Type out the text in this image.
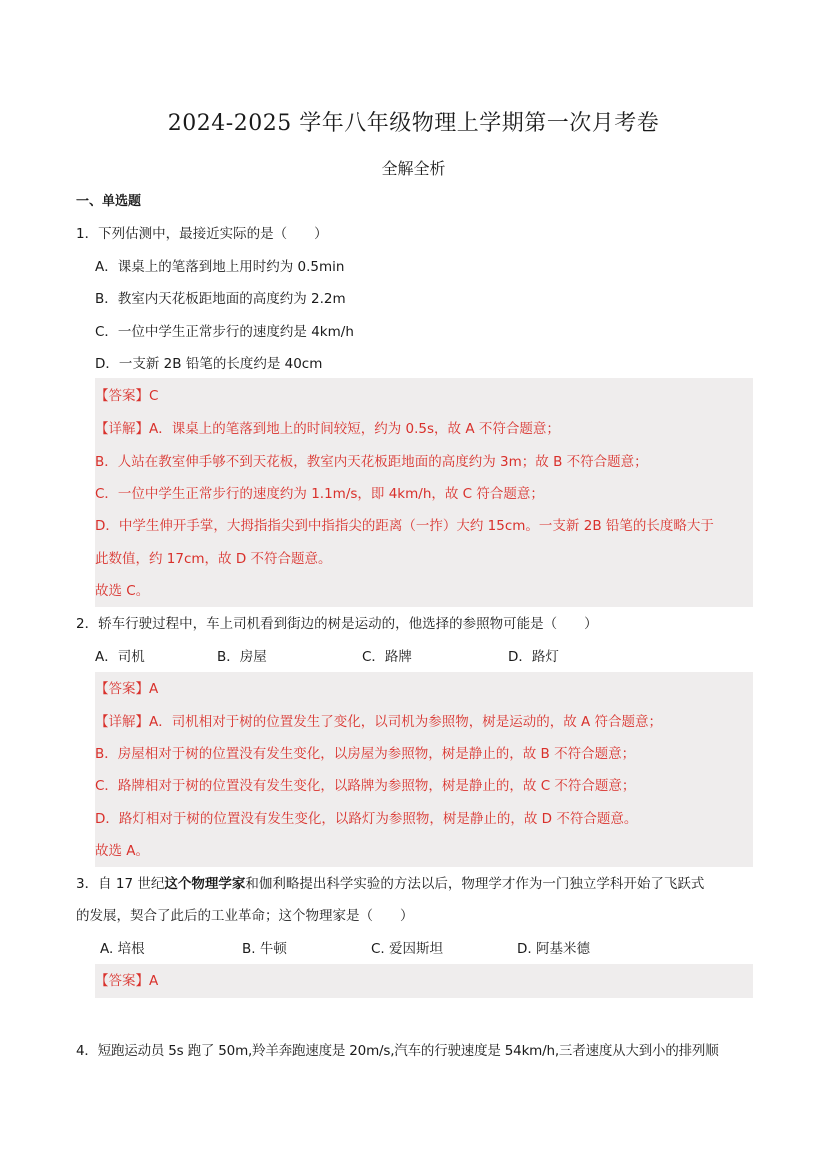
2024-2025 学年八年级物理上学期第一次月考卷
全解全析
一、单选题
1．下列估测中，最接近实际的是（　　）
A．课桌上的笔落到地上用时约为 0.5min
B．教室内天花板距地面的高度约为 2.2m
C．一位中学生正常步行的速度约是 4km/h
D．一支新 2B 铅笔的长度约是 40cm
【答案】C
【详解】A．课桌上的笔落到地上的时间较短，约为 0.5s，故 A 不符合题意；
B．人站在教室伸手够不到天花板，教室内天花板距地面的高度约为 3m；故 B 不符合题意；
C．一位中学生正常步行的速度约为 1.1m/s，即 4km/h，故 C 符合题意；
D．中学生伸开手掌，大拇指指尖到中指指尖的距离（一拃）大约 15cm。一支新 2B 铅笔的长度略大于
此数值，约 17cm，故 D 不符合题意。
故选 C。
2．轿车行驶过程中，车上司机看到街边的树是运动的，他选择的参照物可能是（　　）
A．司机	B．房屋	C．路牌	D．路灯
【答案】A
【详解】A．司机相对于树的位置发生了变化，以司机为参照物，树是运动的，故 A 符合题意；
B．房屋相对于树的位置没有发生变化，以房屋为参照物，树是静止的，故 B 不符合题意；
C．路牌相对于树的位置没有发生变化，以路牌为参照物，树是静止的，故 C 不符合题意；
D．路灯相对于树的位置没有发生变化，以路灯为参照物，树是静止的，故 D 不符合题意。
故选 A。
3．自 17 世纪这个物理学家和伽利略提出科学实验的方法以后，物理学才作为一门独立学科开始了飞跃式
的发展，契合了此后的工业革命；这个物理家是（　　）
A. 培根	B. 牛顿	C. 爱因斯坦	D. 阿基米德
【答案】A
4．短跑运动员 5s 跑了 50m,羚羊奔跑速度是 20m/s,汽车的行驶速度是 54km/h,三者速度从大到小的排列顺
